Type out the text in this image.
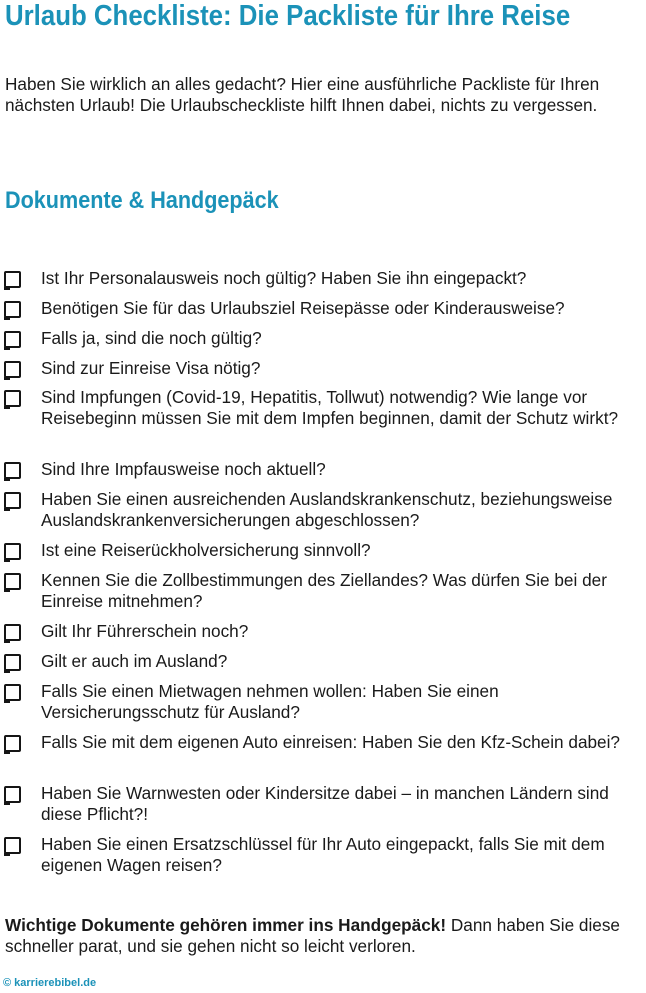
Urlaub Checkliste: Die Packliste für Ihre Reise

Haben Sie wirklich an alles gedacht? Hier eine ausführliche Packliste für Ihren nächsten Urlaub! Die Urlaubscheckliste hilft Ihnen dabei, nichts zu vergessen.

Dokumente & Handgepäck
Ist Ihr Personalausweis noch gültig? Haben Sie ihn eingepackt?
Benötigen Sie für das Urlaubsziel Reisepässe oder Kinderausweise?
Falls ja, sind die noch gültig?
Sind zur Einreise Visa nötig?
Sind Impfungen (Covid-19, Hepatitis, Tollwut) notwendig? Wie lange vor Reisebeginn müssen Sie mit dem Impfen beginnen, damit der Schutz wirkt?
Sind Ihre Impfausweise noch aktuell?
Haben Sie einen ausreichenden Auslandskrankenschutz, beziehungsweise Auslandskrankenversicherungen abgeschlossen?
Ist eine Reiserückholversicherung sinnvoll?
Kennen Sie die Zollbestimmungen des Ziellandes? Was dürfen Sie bei der Einreise mitnehmen?
Gilt Ihr Führerschein noch?
Gilt er auch im Ausland?
Falls Sie einen Mietwagen nehmen wollen: Haben Sie einen Versicherungsschutz für Ausland?
Falls Sie mit dem eigenen Auto einreisen: Haben Sie den Kfz-Schein dabei?
Haben Sie Warnwesten oder Kindersitze dabei – in manchen Ländern sind diese Pflicht?!
Haben Sie einen Ersatzschlüssel für Ihr Auto eingepackt, falls Sie mit dem eigenen Wagen reisen?

Wichtige Dokumente gehören immer ins Handgepäck! Dann haben Sie diese schneller parat, und sie gehen nicht so leicht verloren.

© karrierebibel.de
